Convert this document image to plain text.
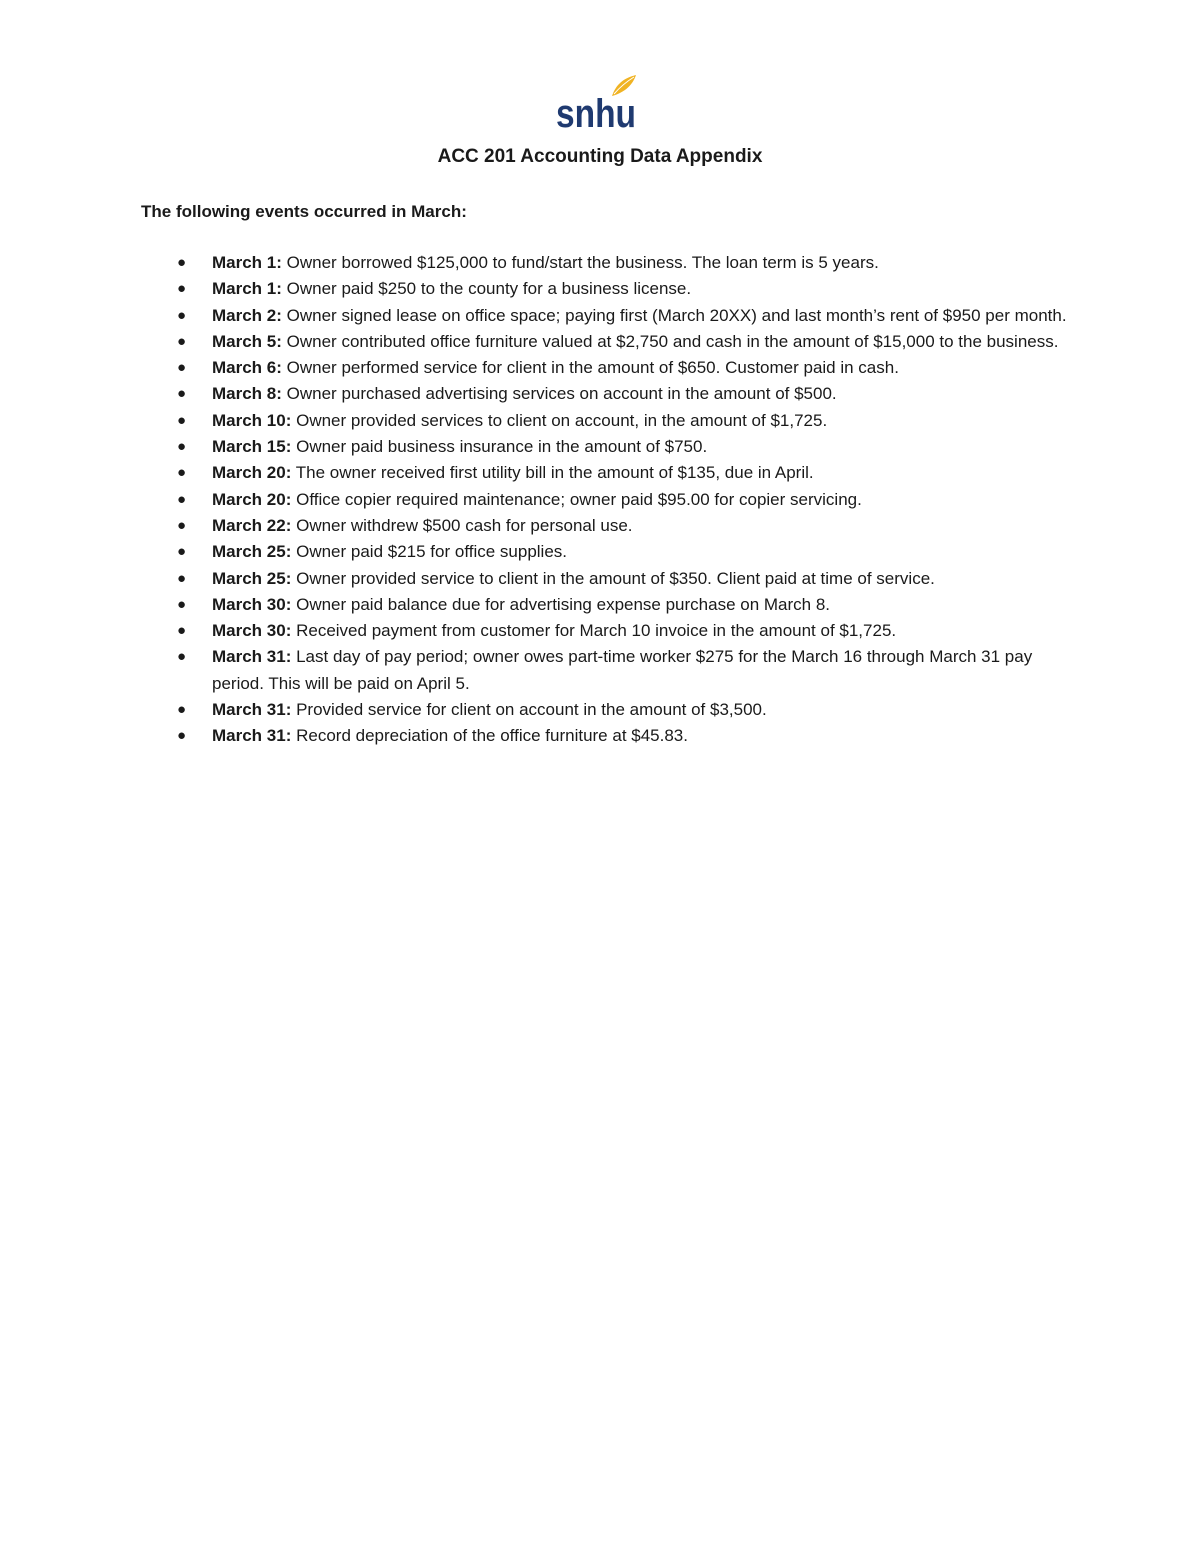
snhu
ACC 201 Accounting Data Appendix

The following events occurred in March:

● March 1: Owner borrowed $125,000 to fund/start the business. The loan term is 5 years.
● March 1: Owner paid $250 to the county for a business license.
● March 2: Owner signed lease on office space; paying first (March 20XX) and last month’s rent of $950 per month.
● March 5: Owner contributed office furniture valued at $2,750 and cash in the amount of $15,000 to the business.
● March 6: Owner performed service for client in the amount of $650. Customer paid in cash.
● March 8: Owner purchased advertising services on account in the amount of $500.
● March 10: Owner provided services to client on account, in the amount of $1,725.
● March 15: Owner paid business insurance in the amount of $750.
● March 20: The owner received first utility bill in the amount of $135, due in April.
● March 20: Office copier required maintenance; owner paid $95.00 for copier servicing.
● March 22: Owner withdrew $500 cash for personal use.
● March 25: Owner paid $215 for office supplies.
● March 25: Owner provided service to client in the amount of $350. Client paid at time of service.
● March 30: Owner paid balance due for advertising expense purchase on March 8.
● March 30: Received payment from customer for March 10 invoice in the amount of $1,725.
● March 31: Last day of pay period; owner owes part-time worker $275 for the March 16 through March 31 pay period. This will be paid on April 5.
● March 31: Provided service for client on account in the amount of $3,500.
● March 31: Record depreciation of the office furniture at $45.83.
